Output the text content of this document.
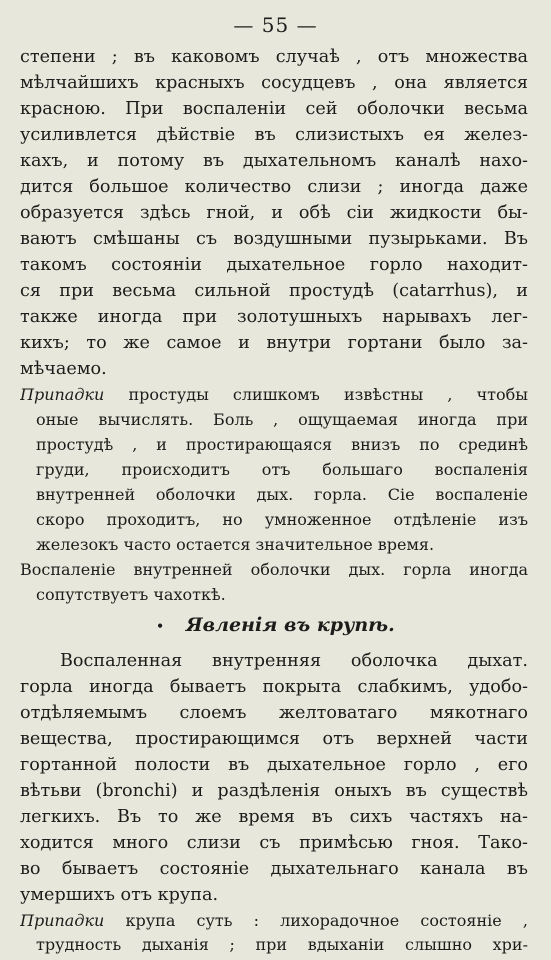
— 55 —
степени ; въ каковомъ случаѣ , отъ множества
мѣлчайшихъ красныхъ сосудцевъ , она является
красною. При воспаленіи сей оболочки весьма
усиливлется дѣйствіе въ слизистыхъ ея желез-
кахъ, и потому въ дыхательномъ каналѣ нахо-
дится большое количество слизи ; иногда даже
образуется здѣсь гной, и обѣ сіи жидкости бы-
ваютъ смѣшаны съ воздушными пузырьками. Въ
такомъ состояніи дыхательное горло находит-
ся при весьма сильной простудѣ (catarrhus), и
также иногда при золотушныхъ нарывахъ лег-
кихъ; то же самое и внутри гортани было за-
мѣчаемо.
Припадки простуды слишкомъ извѣстны , чтобы
оные вычислять. Боль , ощущаемая иногда при
простудѣ , и простирающаяся внизъ по срединѣ
груди, происходитъ отъ большаго воспаленія
внутренней оболочки дых. горла. Сіе воспаленіе
скоро проходитъ, но умноженное отдѣленіе изъ
железокъ часто остается значительное время.
Воспаленіе внутренней оболочки дых. горла иногда
сопутствуетъ чахоткѣ.
• Явленія въ крупѣ.
Воспаленная внутренняя оболочка дыхат.
горла иногда бываетъ покрыта слабкимъ, удобо-
отдѣляемымъ слоемъ желтоватаго мякотнаго
вещества, простирающимся отъ верхней части
гортанной полости въ дыхательное горло , его
вѣтьви (bronchi) и раздѣленія оныхъ въ существѣ
легкихъ. Въ то же время въ сихъ частяхъ на-
ходится много слизи съ примѣсью гноя. Тако-
во бываетъ состояніе дыхательнаго канала въ
умершихъ отъ крупа.
Припадки крупа суть : лихорадочное состояніе ,
трудность дыханія ; при вдыханіи слышно хри-
